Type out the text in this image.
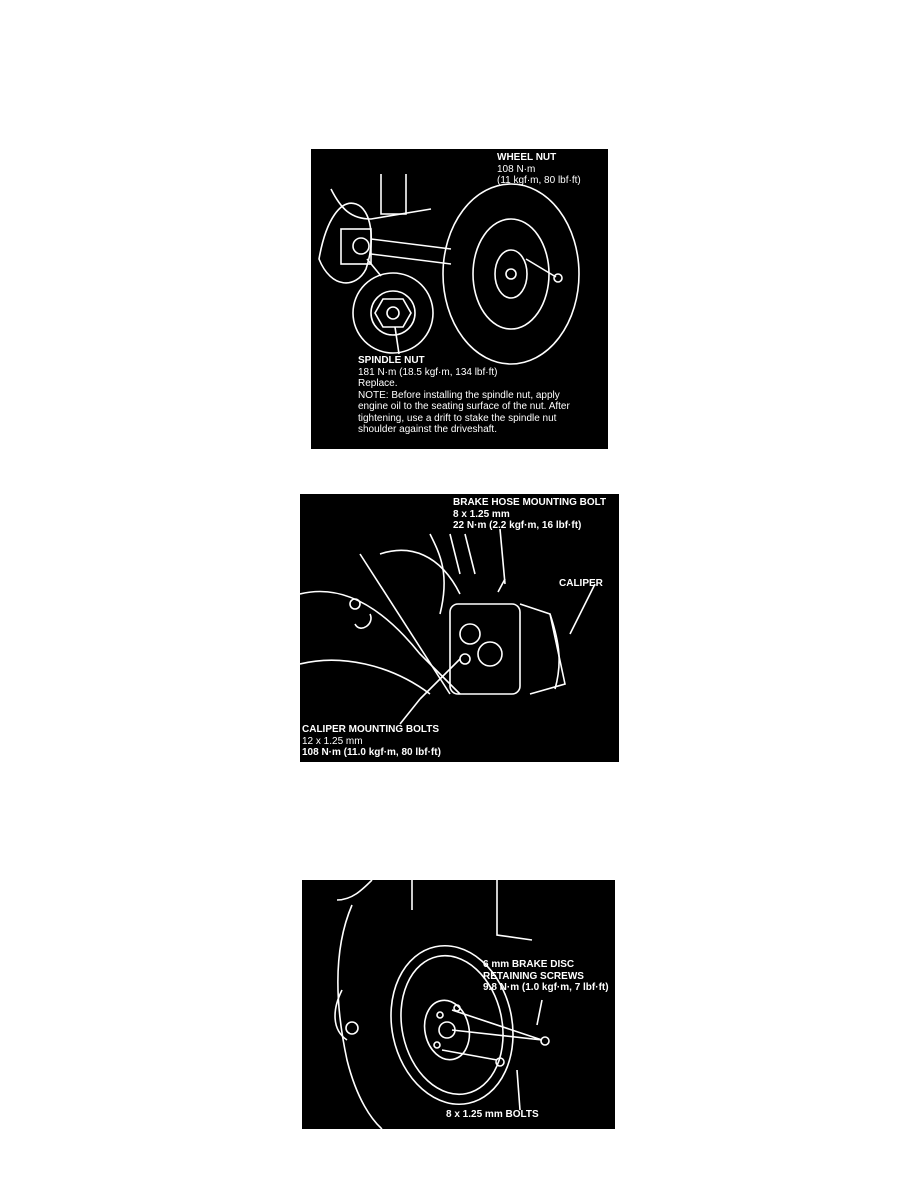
WHEEL NUT
108 N·m
(11 kgf·m, 80 lbf·ft)
SPINDLE NUT
181 N·m (18.5 kgf·m, 134 lbf·ft)
Replace.
NOTE: Before installing the spindle nut, apply
engine oil to the seating surface of the nut. After
tightening, use a drift to stake the spindle nut
shoulder against the driveshaft.
BRAKE HOSE MOUNTING BOLT
8 x 1.25 mm
22 N·m (2.2 kgf·m, 16 lbf·ft)
CALIPER
CALIPER MOUNTING BOLTS
12 x 1.25 mm
108 N·m (11.0 kgf·m, 80 lbf·ft)
6 mm BRAKE DISC
RETAINING SCREWS
9.8 N·m (1.0 kgf·m, 7 lbf·ft)
8 x 1.25 mm BOLTS
